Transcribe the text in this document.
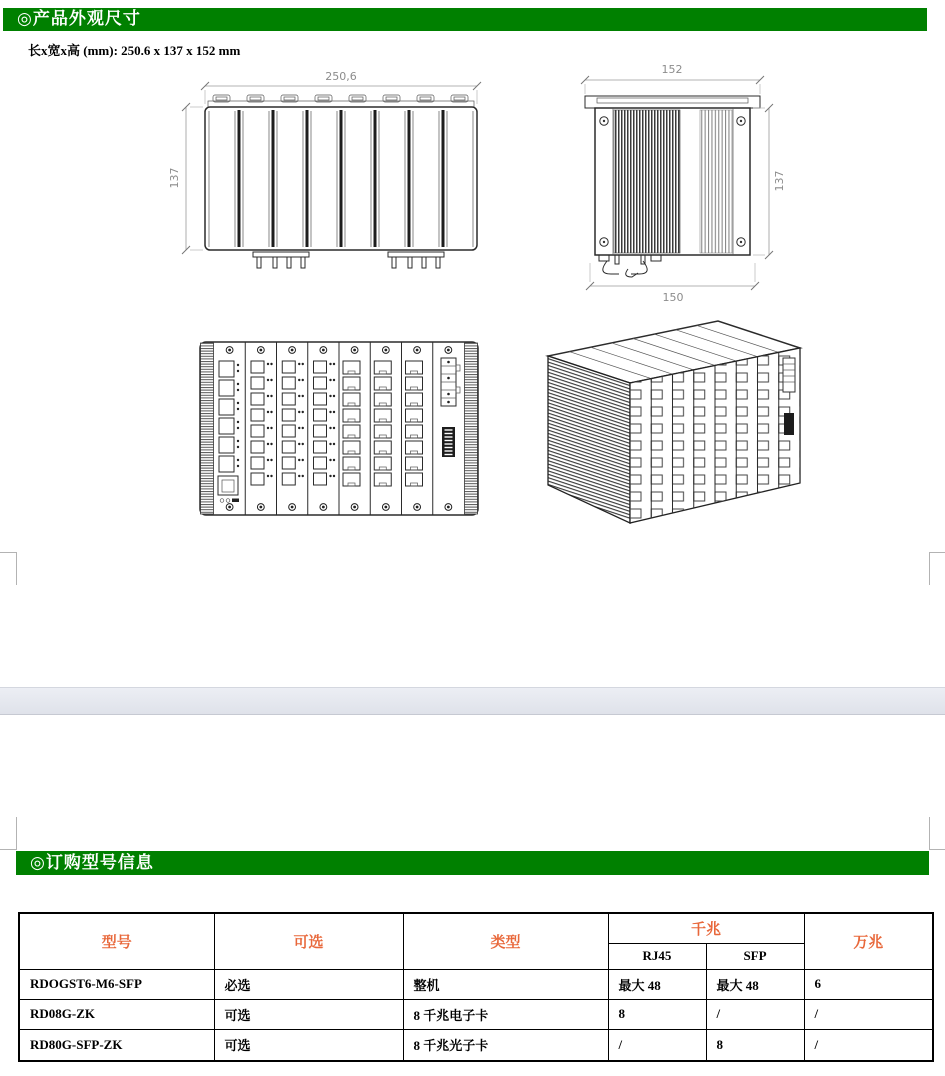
◎产品外观尺寸
长x宽x高 (mm): 250.6 x 137 x 152 mm
250,6
137
152
137
150
◎订购型号信息
型号	可选	类型	千兆		万兆
			RJ45	SFP	
RDOGST6-M6-SFP	必选	整机	最大 48	最大 48	6
RD08G-ZK	可选	8 千兆电子卡	8	/	/
RD80G-SFP-ZK	可选	8 千兆光子卡	/	8	/
